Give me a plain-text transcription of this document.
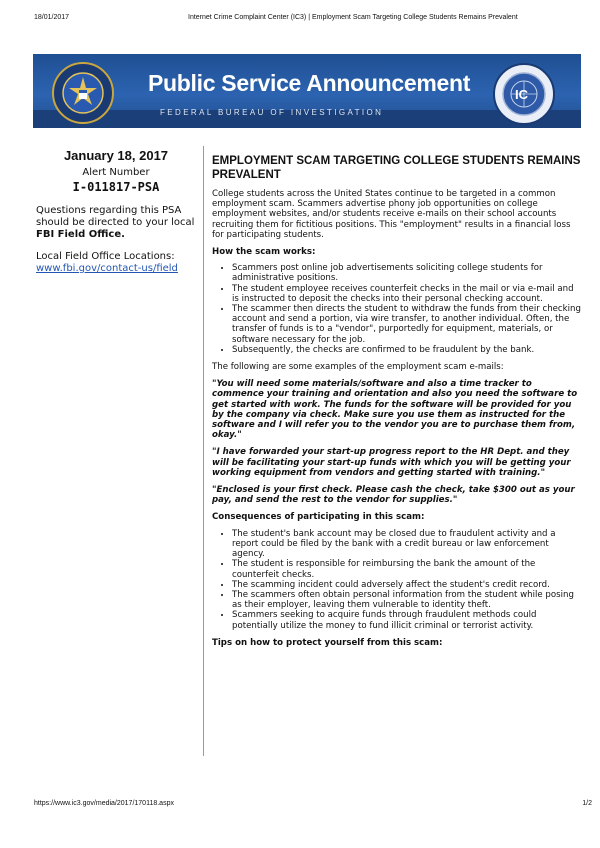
18/01/2017	Internet Crime Complaint Center (IC3) | Employment Scam Targeting College Students Remains Prevalent
IC
Public Service Announcement
FEDERAL BUREAU OF INVESTIGATION
January 18, 2017
Alert Number
I-011817-PSA

Questions regarding this PSA should be directed to your local FBI Field Office.

Local Field Office Locations:
www.fbi.gov/contact-us/field

EMPLOYMENT SCAM TARGETING COLLEGE STUDENTS REMAINS PREVALENT

College students across the United States continue to be targeted in a common employment scam. Scammers advertise phony job opportunities on college employment websites, and/or students receive e-mails on their school accounts recruiting them for fictitious positions. This "employment" results in a financial loss for participating students.

How the scam works:

• Scammers post online job advertisements soliciting college students for administrative positions.
• The student employee receives counterfeit checks in the mail or via e-mail and is instructed to deposit the checks into their personal checking account.
• The scammer then directs the student to withdraw the funds from their checking account and send a portion, via wire transfer, to another individual. Often, the transfer of funds is to a "vendor", purportedly for equipment, materials, or software necessary for the job.
• Subsequently, the checks are confirmed to be fraudulent by the bank.

The following are some examples of the employment scam e-mails:

"You will need some materials/software and also a time tracker to commence your training and orientation and also you need the software to get started with work. The funds for the software will be provided for you by the company via check. Make sure you use them as instructed for the software and I will refer you to the vendor you are to purchase them from, okay."

"I have forwarded your start-up progress report to the HR Dept. and they will be facilitating your start-up funds with which you will be getting your working equipment from vendors and getting started with training."

"Enclosed is your first check. Please cash the check, take $300 out as your pay, and send the rest to the vendor for supplies."

Consequences of participating in this scam:

• The student's bank account may be closed due to fraudulent activity and a report could be filed by the bank with a credit bureau or law enforcement agency.
• The student is responsible for reimbursing the bank the amount of the counterfeit checks.
• The scamming incident could adversely affect the student's credit record.
• The scammers often obtain personal information from the student while posing as their employer, leaving them vulnerable to identity theft.
• Scammers seeking to acquire funds through fraudulent methods could potentially utilize the money to fund illicit criminal or terrorist activity.

Tips on how to protect yourself from this scam:

https://www.ic3.gov/media/2017/170118.aspx	1/2
